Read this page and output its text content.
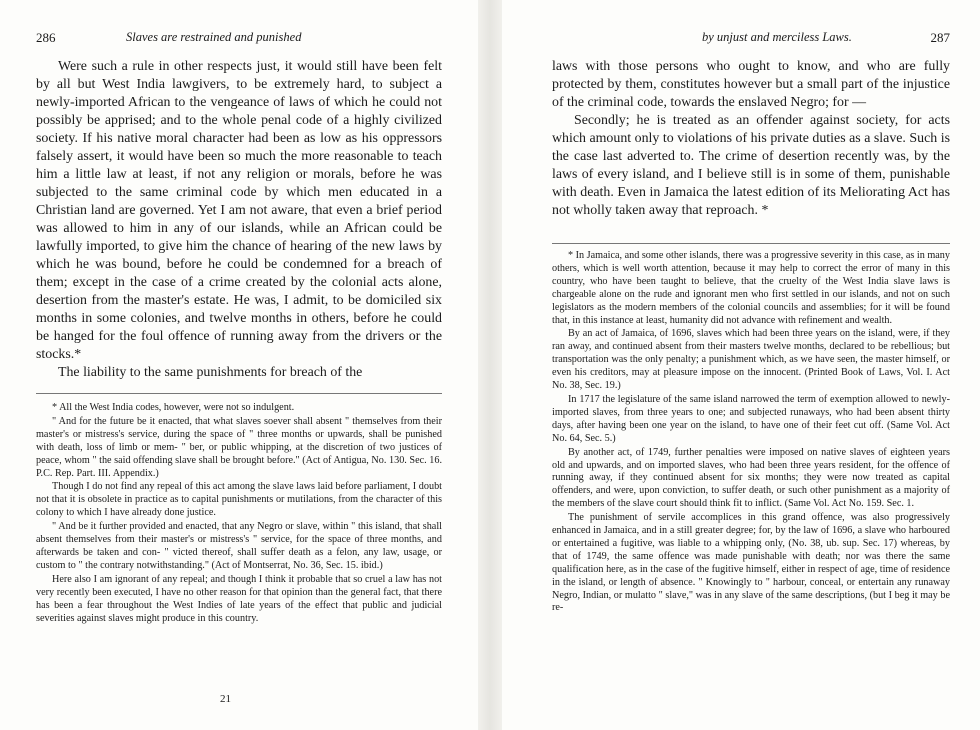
286	Slaves are restrained and punished

Were such a rule in other respects just, it would still have been felt by all but West India lawgivers, to be extremely hard, to subject a newly-imported African to the vengeance of laws of which he could not possibly be apprised; and to the whole penal code of a highly civilized society. If his native moral character had been as low as his oppressors falsely assert, it would have been so much the more reasonable to teach him a little law at least, if not any religion or morals, before he was subjected to the same criminal code by which men educated in a Christian land are governed. Yet I am not aware, that even a brief period was allowed to him in any of our islands, while an African could be lawfully imported, to give him the chance of hearing of the new laws by which he was bound, before he could be condemned for a breach of them; except in the case of a crime created by the colonial acts alone, desertion from the master's estate. He was, I admit, to be domiciled six months in some colonies, and twelve months in others, before he could be hanged for the foul offence of running away from the drivers or the stocks.*

The liability to the same punishments for breach of the

* All the West India codes, however, were not so indulgent.

" And for the future be it enacted, that what slaves soever shall absent " themselves from their master's or mistress's service, during the space of " three months or upwards, shall be punished with death, loss of limb or mem- " ber, or public whipping, at the discretion of two justices of peace, whom " the said offending slave shall be brought before." (Act of Antigua, No. 130. Sec. 16. P.C. Rep. Part. III. Appendix.)

Though I do not find any repeal of this act among the slave laws laid before parliament, I doubt not that it is obsolete in practice as to capital punishments or mutilations, from the character of this colony to which I have already done justice.

" And be it further provided and enacted, that any Negro or slave, within " this island, that shall absent themselves from their master's or mistress's " service, for the space of three months, and afterwards be taken and con- " victed thereof, shall suffer death as a felon, any law, usage, or custom to " the contrary notwithstanding." (Act of Montserrat, No. 36, Sec. 15. ibid.)

Here also I am ignorant of any repeal; and though I think it probable that so cruel a law has not very recently been executed, I have no other reason for that opinion than the general fact, that there has been a fear throughout the West Indies of late years of the effect that public and judicial severities against slaves might produce in this country.

21
by unjust and merciless Laws.	287

laws with those persons who ought to know, and who are fully protected by them, constitutes however but a small part of the injustice of the criminal code, towards the enslaved Negro; for —

Secondly; he is treated as an offender against society, for acts which amount only to violations of his private duties as a slave. Such is the case last adverted to. The crime of desertion recently was, by the laws of every island, and I believe still is in some of them, punishable with death. Even in Jamaica the latest edition of its Meliorating Act has not wholly taken away that reproach. *

* In Jamaica, and some other islands, there was a progressive severity in this case, as in many others, which is well worth attention, because it may help to correct the error of many in this country, who have been taught to believe, that the cruelty of the West India slave laws is chargeable alone on the rude and ignorant men who first settled in our islands, and not on such legislators as the modern members of the colonial councils and assemblies; for it will be found that, in this instance at least, humanity did not advance with refinement and wealth.

By an act of Jamaica, of 1696, slaves which had been three years on the island, were, if they ran away, and continued absent from their masters twelve months, declared to be rebellious; but transportation was the only penalty; a punishment which, as we have seen, the master himself, or even his creditors, may at pleasure impose on the innocent. (Printed Book of Laws, Vol. I. Act No. 38, Sec. 19.)

In 1717 the legislature of the same island narrowed the term of exemption allowed to newly-imported slaves, from three years to one; and subjected runaways, who had been absent thirty days, after having been one year on the island, to have one of their feet cut off. (Same Vol. Act No. 64, Sec. 5.)

By another act, of 1749, further penalties were imposed on native slaves of eighteen years old and upwards, and on imported slaves, who had been three years resident, for the offence of running away, if they continued absent for six months; they were now treated as capital offenders, and were, upon conviction, to suffer death, or such other punishment as a majority of the members of the slave court should think fit to inflict. (Same Vol. Act No. 159. Sec. 1.

The punishment of servile accomplices in this grand offence, was also progressively enhanced in Jamaica, and in a still greater degree; for, by the law of 1696, a slave who harboured or entertained a fugitive, was liable to a whipping only, (No. 38, ub. sup. Sec. 17) whereas, by that of 1749, the same offence was made punishable with death; nor was there the same qualification here, as in the case of the fugitive himself, either in respect of age, time of residence in the island, or length of absence. " Knowingly to " harbour, conceal, or entertain any runaway Negro, Indian, or mulatto " slave," was in any slave of the same descriptions, (but I beg it may be re-
